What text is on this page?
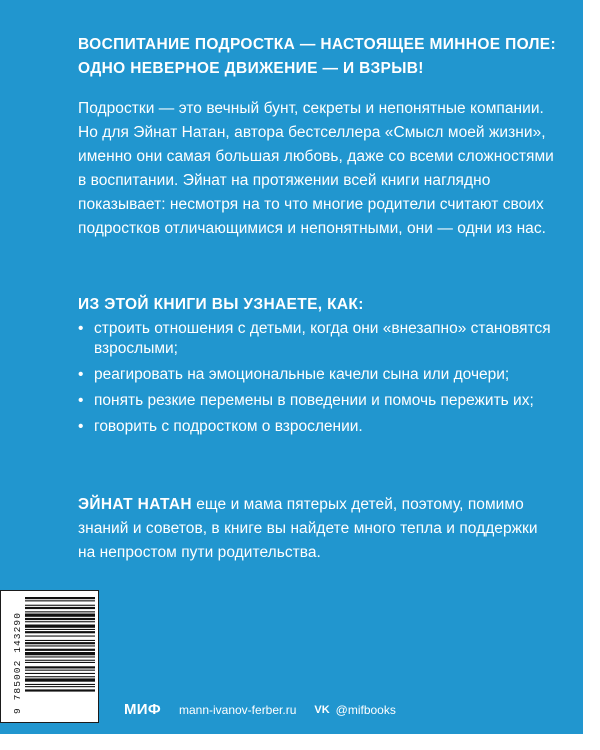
ВОСПИТАНИЕ ПОДРОСТКА — НАСТОЯЩЕЕ МИННОЕ ПОЛЕ: ОДНО НЕВЕРНОЕ ДВИЖЕНИЕ — И ВЗРЫВ!
Подростки — это вечный бунт, секреты и непонятные компании. Но для Эйнат Натан, автора бестселлера «Смысл моей жизни», именно они самая большая любовь, даже со всеми сложностями в воспитании. Эйнат на протяжении всей книги наглядно показывает: несмотря на то что многие родители считают своих подростков отличающимися и непонятными, они — одни из нас.
ИЗ ЭТОЙ КНИГИ ВЫ УЗНАЕТЕ, КАК:
• строить отношения с детьми, когда они «внезапно» становятся взрослыми;
• реагировать на эмоциональные качели сына или дочери;
• понять резкие перемены в поведении и помочь пережить их;
• говорить с подростком о взрослении.
ЭЙНАТ НАТАН еще и мама пятерых детей, поэтому, помимо знаний и советов, в книге вы найдете много тепла и поддержки на непростом пути родительства.
9 785002 143290	МИФ mann-ivanov-ferber.ru VK @mifbooks
